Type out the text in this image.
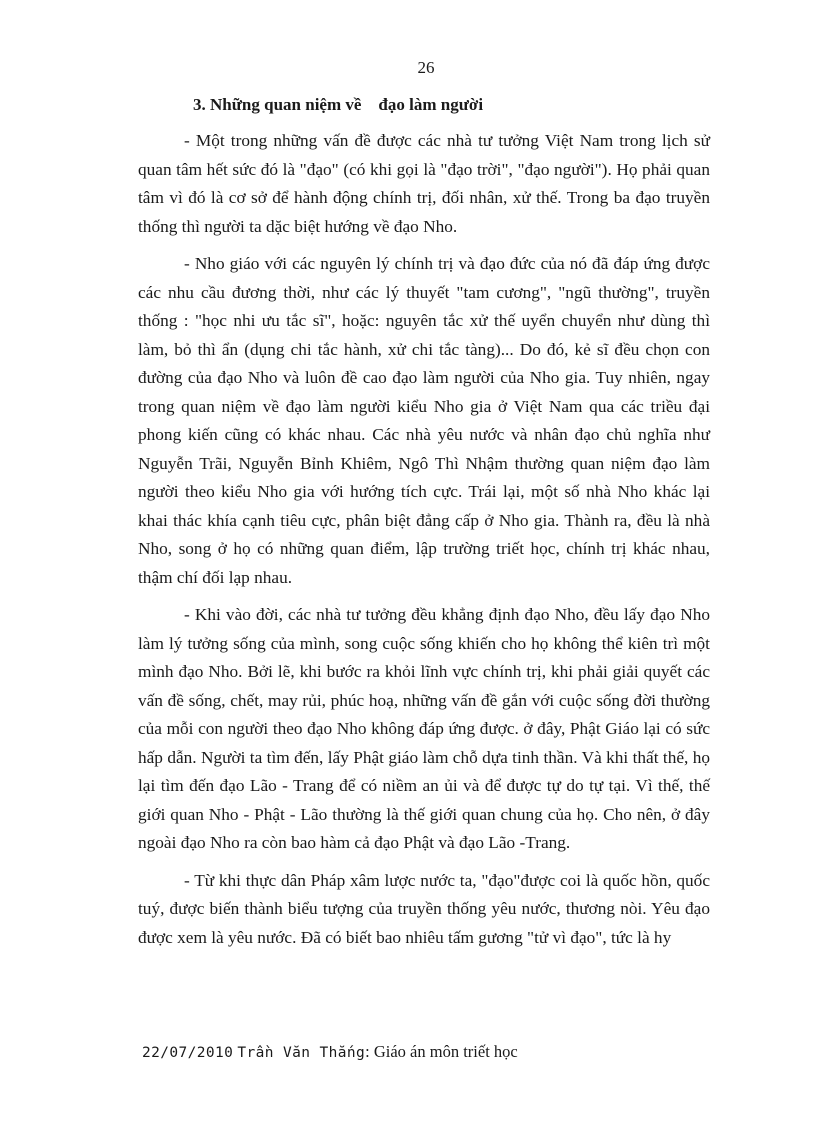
26
3. Những quan niệm về    đạo làm người

- Một trong những vấn đề được các nhà tư tưởng Việt Nam trong lịch sử quan tâm hết sức đó là "đạo" (có khi gọi là "đạo trời", "đạo người"). Họ phải quan tâm vì đó là cơ sở để hành động chính trị, đối nhân, xử thế. Trong ba đạo truyền thống thì người ta dặc biệt hướng về đạo Nho.

- Nho giáo với các nguyên lý chính trị và đạo đức của nó đã đáp ứng được các nhu cầu đương thời, như các lý thuyết "tam cương", "ngũ thường", truyền thống : "học nhi ưu tắc sĩ", hoặc: nguyên tắc xử thế uyển chuyển như dùng thì làm, bỏ thì ẩn (dụng chi tắc hành, xử chi tắc tàng)... Do đó, kẻ sĩ đều chọn con đường của đạo Nho và luôn đề cao đạo làm người của Nho gia. Tuy nhiên, ngay trong quan niệm về đạo làm người kiểu Nho gia ở Việt Nam qua các triều đại phong kiến cũng có khác nhau. Các nhà yêu nước và nhân đạo chủ nghĩa như Nguyễn Trãi, Nguyễn Bỉnh Khiêm, Ngô Thì Nhậm thường quan niệm đạo làm người theo kiểu Nho gia với hướng tích cực. Trái lại, một số nhà Nho khác lại khai thác khía cạnh tiêu cực, phân biệt đẳng cấp ở Nho gia. Thành ra, đều là nhà Nho, song ở họ có những quan điểm, lập trường triết học, chính trị khác nhau, thậm chí đối lạp nhau.

- Khi vào đời, các nhà tư tưởng đều khẳng định đạo Nho, đều lấy đạo Nho làm lý tưởng sống của mình, song cuộc sống khiến cho họ không thể kiên trì một mình đạo Nho. Bởi lẽ, khi bước ra khỏi lĩnh vực chính trị, khi phải giải quyết các vấn đề sống, chết, may rủi, phúc hoạ, những vấn đề gắn với cuộc sống đời thường của mỗi con người theo đạo Nho không đáp ứng được. ở đây, Phật Giáo lại có sức hấp dẫn. Người ta tìm đến, lấy Phật giáo làm chỗ dựa tinh thần. Và khi thất thế, họ lại tìm đến đạo Lão - Trang để có niềm an ủi và để được tự do tự tại. Vì thế, thế giới quan Nho - Phật - Lão thường là thế giới quan chung của họ. Cho nên, ở đây ngoài đạo Nho ra còn bao hàm cả đạo Phật và đạo Lão -Trang.

- Từ khi thực dân Pháp xâm lược nước ta, "đạo"được coi là quốc hồn, quốc tuý, được biến thành biểu tượng của truyền thống yêu nước, thương nòi. Yêu đạo được xem là yêu nước. Đã có biết bao nhiêu tấm gương "tử vì đạo", tức là hy

22/07/2010 Trần Văn Thắng: Giáo án môn triết học
